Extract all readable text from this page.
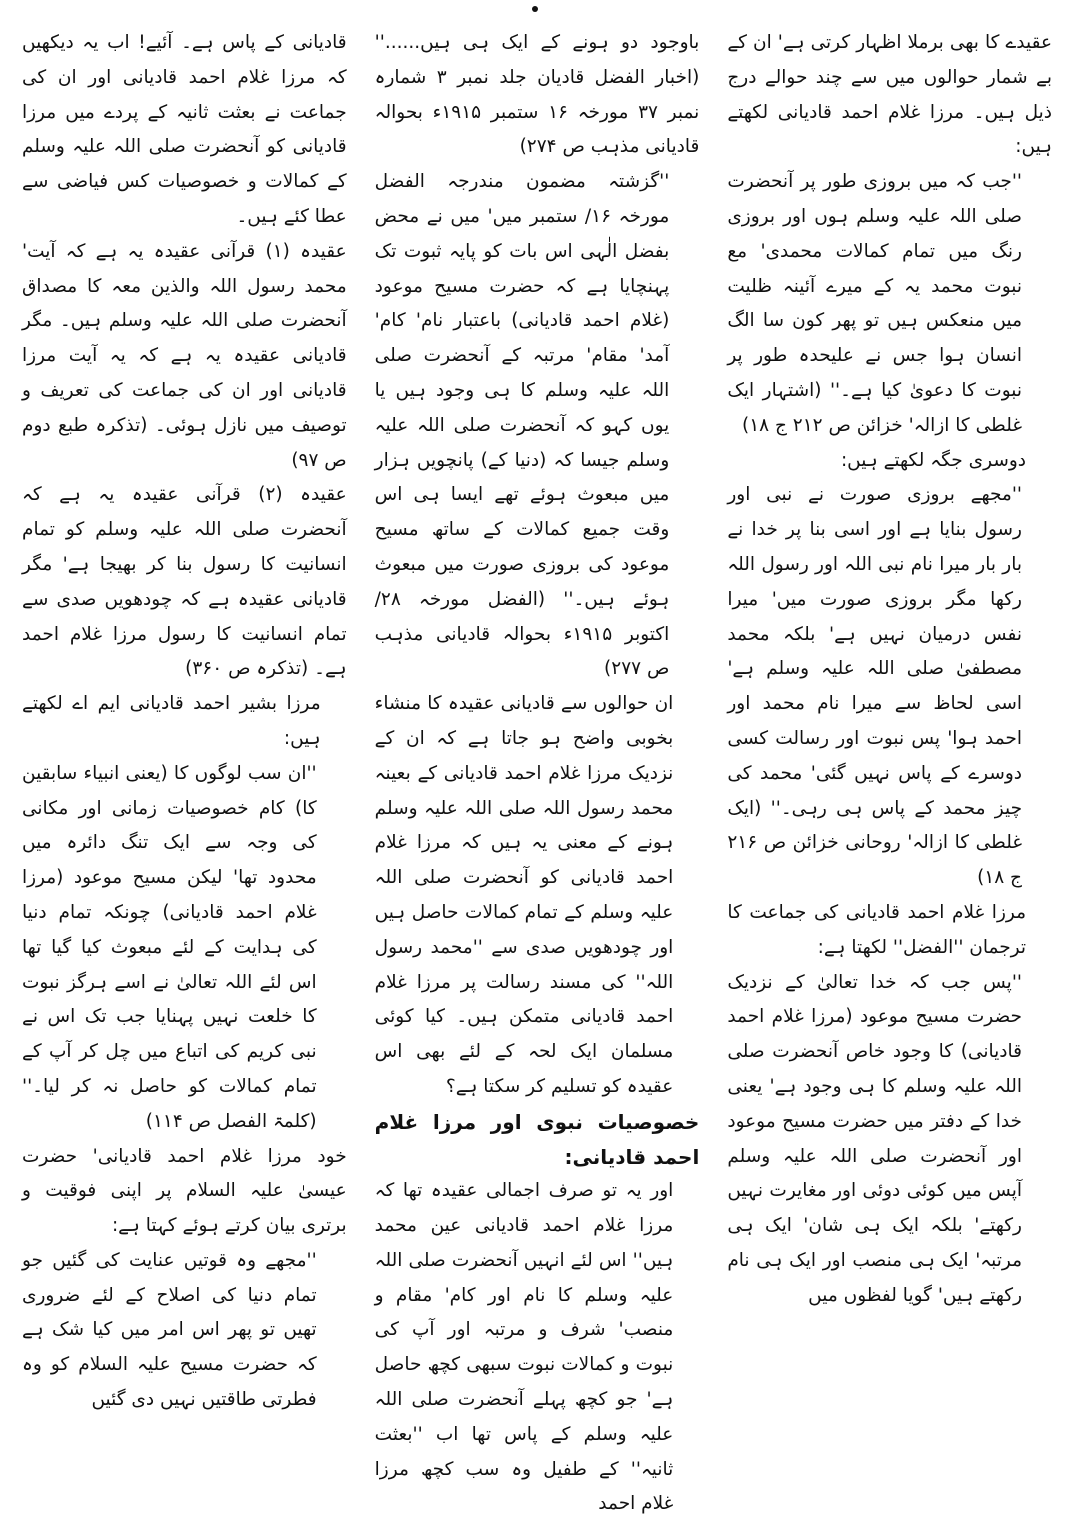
عقیدے کا بھی برملا اظہار کرتی ہے' ان کے بے شمار حوالوں میں سے چند حوالے درج ذیل ہیں۔ مرزا غلام احمد قادیانی لکھتے ہیں:

''جب کہ میں بروزی طور پر آنحضرت صلی اللہ علیہ وسلم ہوں اور بروزی رنگ میں تمام کمالات محمدی' مع نبوت محمد یہ کے میرے آئینہ ظلیت میں منعکس ہیں تو پھر کون سا الگ انسان ہوا جس نے علیحدہ طور پر نبوت کا دعویٰ کیا ہے۔'' (اشتہار ایک غلطی کا ازالہ' خزائن ص ۲۱۲ ج ۱۸)

دوسری جگہ لکھتے ہیں:

''مجھے بروزی صورت نے نبی اور رسول بنایا ہے اور اسی بنا پر خدا نے بار بار میرا نام نبی اللہ اور رسول اللہ رکھا مگر بروزی صورت میں' میرا نفس درمیان نہیں ہے' بلکہ محمد مصطفیٰ صلی اللہ علیہ وسلم ہے' اسی لحاظ سے میرا نام محمد اور احمد ہوا' پس نبوت اور رسالت کسی دوسرے کے پاس نہیں گئی' محمد کی چیز محمد کے پاس ہی رہی۔'' (ایک غلطی کا ازالہ' روحانی خزائن ص ۲۱۶ ج ۱۸)

مرزا غلام احمد قادیانی کی جماعت کا ترجمان ''الفضل'' لکھتا ہے:

''پس جب کہ خدا تعالیٰ کے نزدیک حضرت مسیح موعود (مرزا غلام احمد قادیانی) کا وجود خاص آنحضرت صلی اللہ علیہ وسلم کا ہی وجود ہے' یعنی خدا کے دفتر میں حضرت مسیح موعود اور آنحضرت صلی اللہ علیہ وسلم آپس میں کوئی دوئی اور مغایرت نہیں رکھتے' بلکہ ایک ہی شان' ایک ہی مرتبہ' ایک ہی منصب اور ایک ہی نام رکھتے ہیں' گویا لفظوں میں

باوجود دو ہونے کے ایک ہی ہیں......'' (اخبار الفضل قادیان جلد نمبر ۳ شمارہ نمبر ۳۷ مورخہ ۱۶ ستمبر ۱۹۱۵ء بحوالہ قادیانی مذہب ص ۲۷۴)

''گزشتہ مضمون مندرجہ الفضل مورخہ ۱۶/ ستمبر میں' میں نے محض بفضل الٰہی اس بات کو پایہ ثبوت تک پہنچایا ہے کہ حضرت مسیح موعود (غلام احمد قادیانی) باعتبار نام' کام' آمد' مقام' مرتبہ کے آنحضرت صلی اللہ علیہ وسلم کا ہی وجود ہیں یا یوں کہو کہ آنحضرت صلی اللہ علیہ وسلم جیسا کہ (دنیا کے) پانچویں ہزار میں مبعوث ہوئے تھے ایسا ہی اس وقت جمیع کمالات کے ساتھ مسیح موعود کی بروزی صورت میں مبعوث ہوئے ہیں۔'' (الفضل مورخہ ۲۸/ اکتوبر ۱۹۱۵ء بحوالہ قادیانی مذہب ص ۲۷۷)

ان حوالوں سے قادیانی عقیدہ کا منشاء بخوبی واضح ہو جاتا ہے کہ ان کے نزدیک مرزا غلام احمد قادیانی کے بعینہ محمد رسول اللہ صلی اللہ علیہ وسلم ہونے کے معنی یہ ہیں کہ مرزا غلام احمد قادیانی کو آنحضرت صلی اللہ علیہ وسلم کے تمام کمالات حاصل ہیں اور چودھویں صدی سے ''محمد رسول اللہ'' کی مسند رسالت پر مرزا غلام احمد قادیانی متمکن ہیں۔ کیا کوئی مسلمان ایک لحہ کے لئے بھی اس عقیدہ کو تسلیم کر سکتا ہے؟

خصوصیات نبوی اور مرزا غلام احمد قادیانی:

اور یہ تو صرف اجمالی عقیدہ تھا کہ مرزا غلام احمد قادیانی عین محمد ہیں'' اس لئے انہیں آنحضرت صلی اللہ علیہ وسلم کا نام اور کام' مقام و منصب' شرف و مرتبہ اور آپ کی نبوت و کمالات نبوت سبھی کچھ حاصل ہے' جو کچھ پہلے آنحضرت صلی اللہ علیہ وسلم کے پاس تھا اب ''بعثت ثانیہ'' کے طفیل وہ سب کچھ مرزا غلام احمد

قادیانی کے پاس ہے۔ آئیے! اب یہ دیکھیں کہ مرزا غلام احمد قادیانی اور ان کی جماعت نے بعثت ثانیہ کے پردے میں مرزا قادیانی کو آنحضرت صلی اللہ علیہ وسلم کے کمالات و خصوصیات کس فیاضی سے عطا کئے ہیں۔

عقیدہ (۱) قرآنی عقیدہ یہ ہے کہ آیت' محمد رسول اللہ والذین معہ کا مصداق آنحضرت صلی اللہ علیہ وسلم ہیں۔ مگر قادیانی عقیدہ یہ ہے کہ یہ آیت مرزا قادیانی اور ان کی جماعت کی تعریف و توصیف میں نازل ہوئی۔ (تذکرہ طبع دوم ص ۹۷)

عقیدہ (۲) قرآنی عقیدہ یہ ہے کہ آنحضرت صلی اللہ علیہ وسلم کو تمام انسانیت کا رسول بنا کر بھیجا ہے' مگر قادیانی عقیدہ ہے کہ چودھویں صدی سے تمام انسانیت کا رسول مرزا غلام احمد ہے۔ (تذکرہ ص ۳۶۰)

مرزا بشیر احمد قادیانی ایم اے لکھتے ہیں:

''ان سب لوگوں کا (یعنی انبیاء سابقین کا) کام خصوصیات زمانی اور مکانی کی وجہ سے ایک تنگ دائرہ میں محدود تھا' لیکن مسیح موعود (مرزا غلام احمد قادیانی) چونکہ تمام دنیا کی ہدایت کے لئے مبعوث کیا گیا تھا اس لئے اللہ تعالیٰ نے اسے ہرگز نبوت کا خلعت نہیں پہنایا جب تک اس نے نبی کریم کی اتباع میں چل کر آپ کے تمام کمالات کو حاصل نہ کر لیا۔'' (کلمۃ الفصل ص ۱۱۴)

خود مرزا غلام احمد قادیانی' حضرت عیسیٰ علیہ السلام پر اپنی فوقیت و برتری بیان کرتے ہوئے کہتا ہے:

''مجھے وہ قوتیں عنایت کی گئیں جو تمام دنیا کی اصلاح کے لئے ضروری تھیں تو پھر اس امر میں کیا شک ہے کہ حضرت مسیح علیہ السلام کو وہ فطرتی طاقتیں نہیں دی گئیں
